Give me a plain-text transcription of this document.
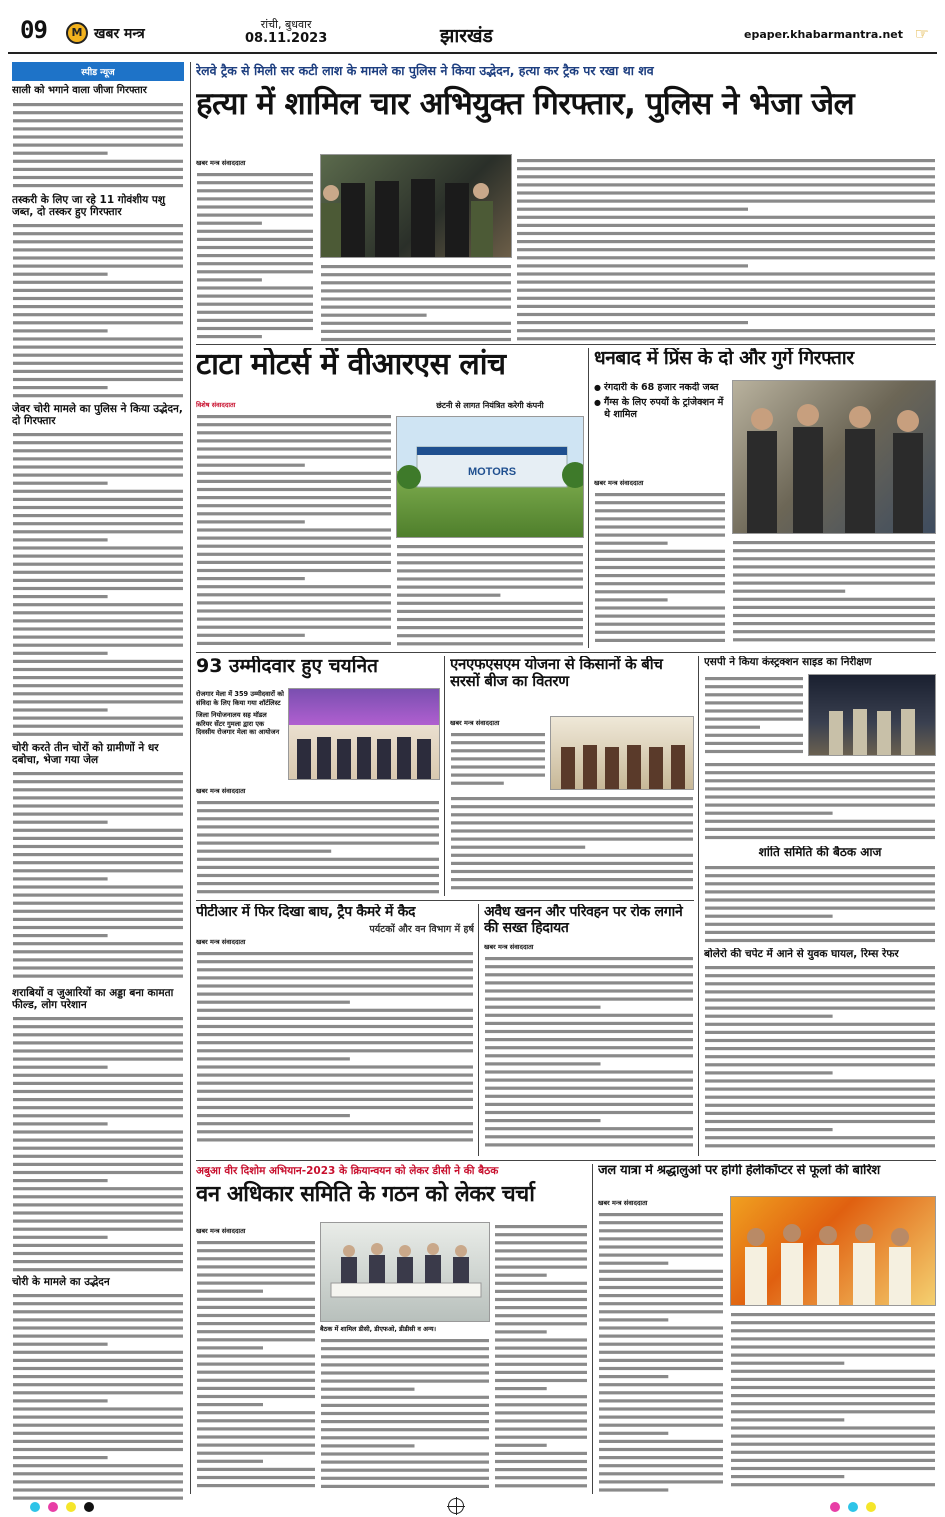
09	M खबर मन्त्र
रांची, बुधवार
08.11.2023	झारखंड	epaper.khabarmantra.net ☞
स्पीड न्यूज
साली को भगाने वाला जीजा गिरफ्तार
तस्करी के लिए जा रहे 11 गोवंशीय पशु जब्त, दो तस्कर हुए गिरफ्तार
जेवर चोरी मामले का पुलिस ने किया उद्भेदन, दो गिरफ्तार
चोरी करते तीन चोरों को ग्रामीणों ने धर दबोचा, भेजा गया जेल
शराबियों व जुआरियों का अड्डा बना कामता फील्ड, लोग परेशान
चोरी के मामले का उद्भेदन
रेलवे ट्रैक से मिली सर कटी लाश के मामले का पुलिस ने किया उद्भेदन, हत्या कर ट्रैक पर रखा था शव
हत्या में शामिल चार अभियुक्त गिरफ्तार, पुलिस ने भेजा जेल
खबर मन्त्र संवाददाता
टाटा मोटर्स में वीआरएस लांच
विशेष संवाददाता	छंटनी से लागत नियंत्रित करेगी कंपनी
MOTORS
धनबाद में प्रिंस के दो और गुर्गे गिरफ्तार
● रंगदारी के 68 हजार नकदी जब्त
● गैंग्स के लिए रुपयों के ट्रांजेक्शन में थे शामिल
खबर मन्त्र संवाददाता
93 उम्मीदवार हुए चयनित
रोजगार मेला में 359 उम्मीदवारों को संविदा के लिए किया गया शॉर्टलिस्ट
जिला नियोजनालय सह मॉडल करियर सेंटर गुमला द्वारा एक दिवसीय रोजगार मेला का आयोजन
खबर मन्त्र संवाददाता
एनएफएसएम योजना से किसानों के बीच सरसों बीज का वितरण
खबर मन्त्र संवाददाता
एसपी ने किया कंस्ट्रक्शन साइड का निरीक्षण
शांति समिति की बैठक आज
बोलेरो की चपेट में आने से युवक घायल, रिम्स रेफर
पीटीआर में फिर दिखा बाघ, ट्रैप कैमरे में कैद
पर्यटकों और वन विभाग में हर्ष
खबर मन्त्र संवाददाता
अवैध खनन और परिवहन पर रोक लगाने की सख्त हिदायत
खबर मन्त्र संवाददाता
अबुआ वीर दिशोम अभियान-2023 के क्रियान्वयन को लेकर डीसी ने की बैठक
वन अधिकार समिति के गठन को लेकर चर्चा
खबर मन्त्र संवाददाता
बैठक में शामिल डीसी, डीएफओ, डीडीसी व अन्य।
जल यात्रा में श्रद्धालुओं पर होगी हेलीकॉप्टर से फूलों की बारिश
खबर मन्त्र संवाददाता
